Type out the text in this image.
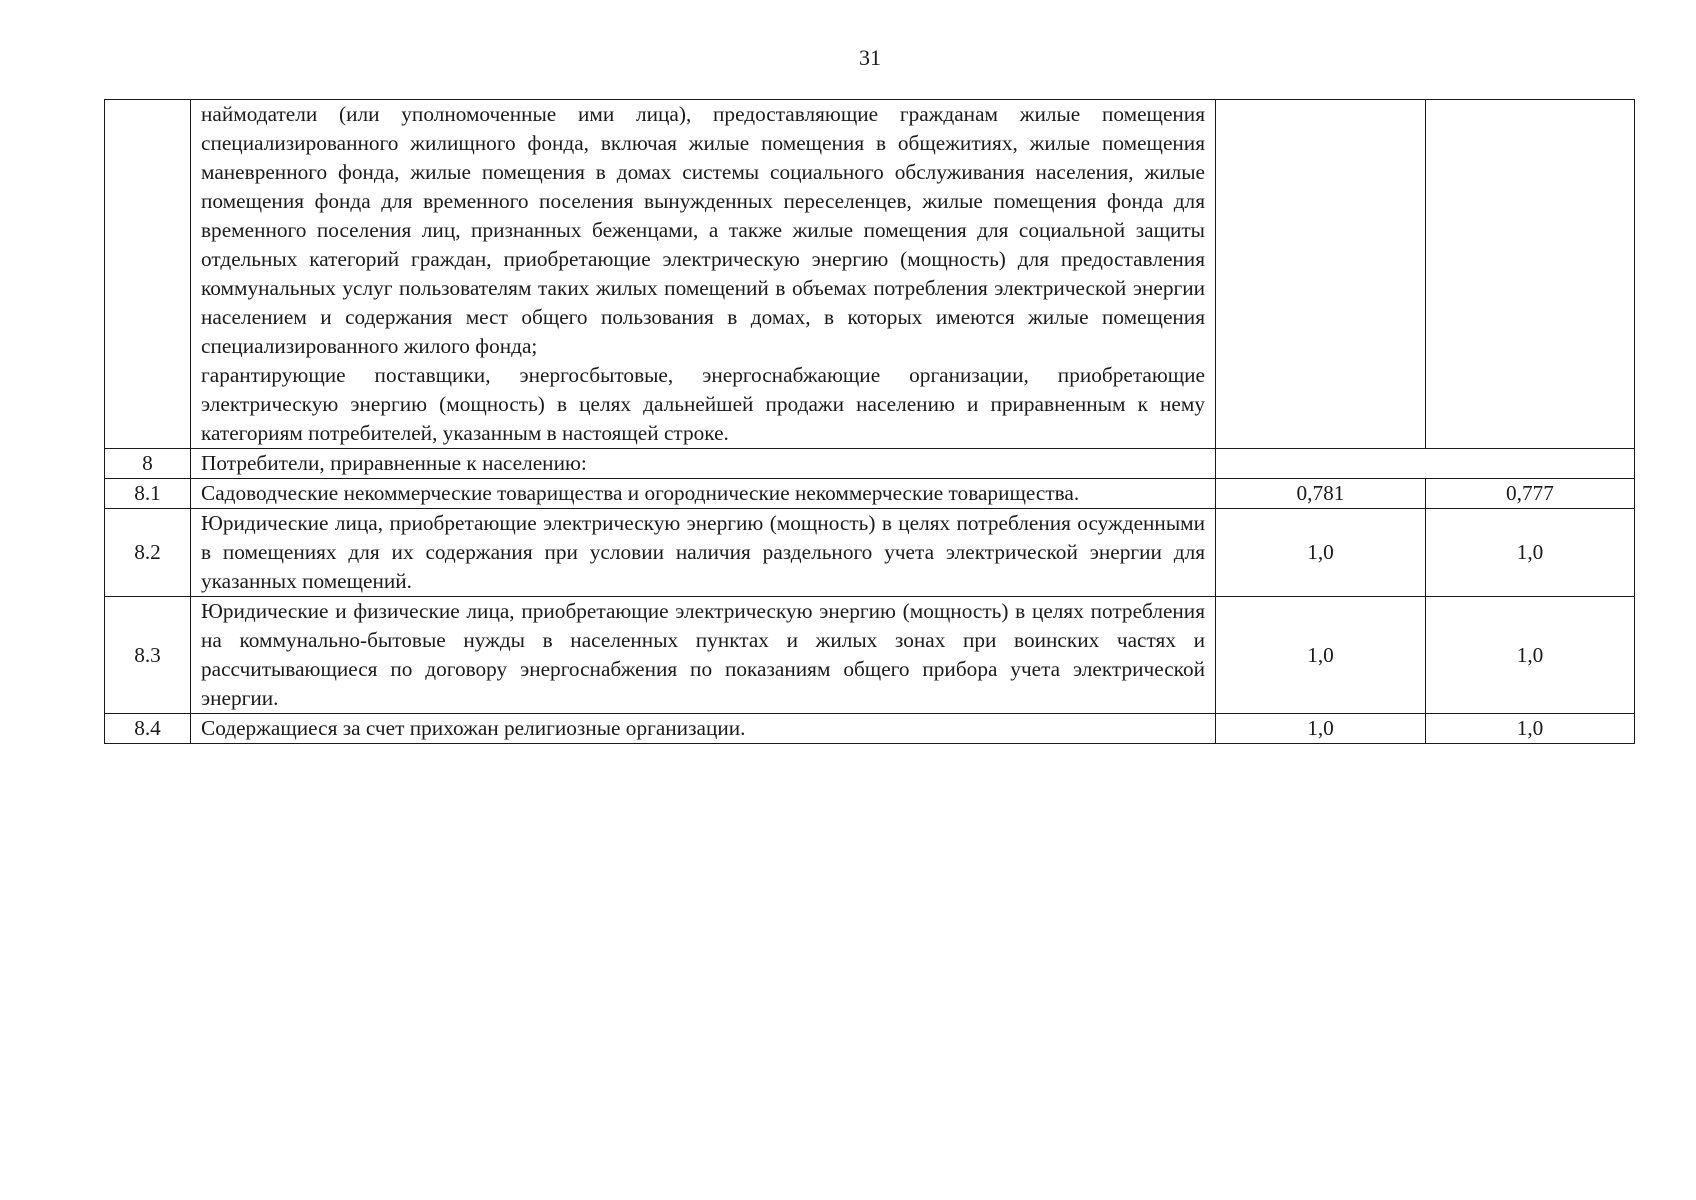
31

	наймодатели (или уполномоченные ими лица), предоставляющие гражданам жилые помещения специализированного жилищного фонда, включая жилые помещения в общежитиях, жилые помещения маневренного фонда, жилые помещения в домах системы социального обслуживания населения, жилые помещения фонда для временного поселения вынужденных переселенцев, жилые помещения фонда для временного поселения лиц, признанных беженцами, а также жилые помещения для социальной защиты отдельных категорий граждан, приобретающие электрическую энергию (мощность) для предоставления коммунальных услуг пользователям таких жилых помещений в объемах потребления электрической энергии населением и содержания мест общего пользования в домах, в которых имеются жилые помещения специализированного жилого фонда;
гарантирующие поставщики, энергосбытовые, энергоснабжающие организации, приобретающие электрическую энергию (мощность) в целях дальнейшей продажи населению и приравненным к нему категориям потребителей, указанным в настоящей строке.		

8	Потребители, приравненные к населению:		
8.1	Садоводческие некоммерческие товарищества и огороднические некоммерческие товарищества.	0,781	0,777
8.2	Юридические лица, приобретающие электрическую энергию (мощность) в целях потребления осужденными в помещениях для их содержания при условии наличия раздельного учета электрической энергии для указанных помещений.	1,0	1,0
8.3	Юридические и физические лица, приобретающие электрическую энергию (мощность) в целях потребления на коммунально-бытовые нужды в населенных пунктах и жилых зонах при воинских частях и рассчитывающиеся по договору энергоснабжения по показаниям общего прибора учета электрической энергии.	1,0	1,0
8.4	Содержащиеся за счет прихожан религиозные организации.	1,0	1,0
